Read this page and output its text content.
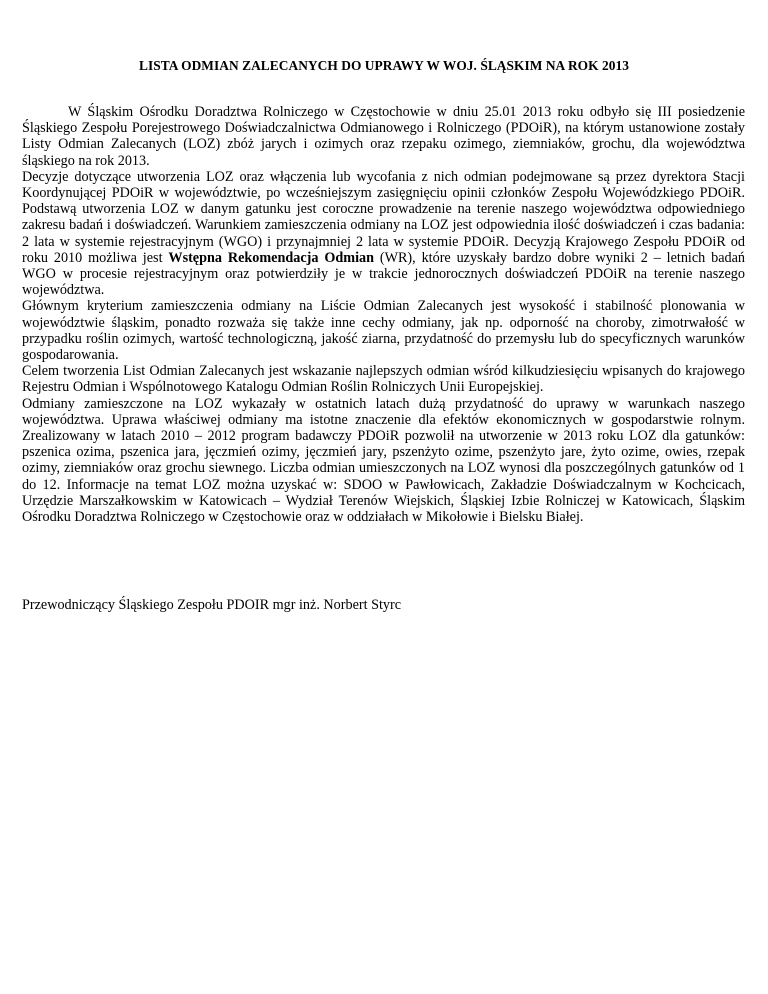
LISTA ODMIAN ZALECANYCH DO UPRAWY W WOJ. ŚLĄSKIM NA ROK 2013

W Śląskim Ośrodku Doradztwa Rolniczego w Częstochowie w dniu 25.01 2013 roku odbyło się III posiedzenie Śląskiego Zespołu Porejestrowego Doświadczalnictwa Odmianowego i Rolniczego (PDOiR), na którym ustanowione zostały Listy Odmian Zalecanych (LOZ) zbóż jarych i ozimych oraz rzepaku ozimego, ziemniaków, grochu, dla województwa śląskiego na rok 2013.

Decyzje dotyczące utworzenia LOZ oraz włączenia lub wycofania z nich odmian podejmowane są przez dyrektora Stacji Koordynującej PDOiR w województwie, po wcześniejszym zasięgnięciu opinii członków Zespołu Wojewódzkiego PDOiR. Podstawą utworzenia LOZ w danym gatunku jest coroczne prowadzenie na terenie naszego województwa odpowiedniego zakresu badań i doświadczeń. Warunkiem zamieszczenia odmiany na LOZ jest odpowiednia ilość doświadczeń i czas badania: 2 lata w systemie rejestracyjnym (WGO) i przynajmniej 2 lata w systemie PDOiR. Decyzją Krajowego Zespołu PDOiR od roku 2010 możliwa jest Wstępna Rekomendacja Odmian (WR), które uzyskały bardzo dobre wyniki 2 – letnich badań WGO w procesie rejestracyjnym oraz potwierdziły je w trakcie jednorocznych doświadczeń PDOiR na terenie naszego województwa.

Głównym kryterium zamieszczenia odmiany na Liście Odmian Zalecanych jest wysokość i stabilność plonowania w województwie śląskim, ponadto rozważa się także inne cechy odmiany, jak np. odporność na choroby, zimotrwałość w przypadku roślin ozimych, wartość technologiczną, jakość ziarna, przydatność do przemysłu lub do specyficznych warunków gospodarowania.

Celem tworzenia List Odmian Zalecanych jest wskazanie najlepszych odmian wśród kilkudziesięciu wpisanych do krajowego Rejestru Odmian i Wspólnotowego Katalogu Odmian Roślin Rolniczych Unii Europejskiej.

Odmiany zamieszczone na LOZ wykazały w ostatnich latach dużą przydatność do uprawy w warunkach naszego województwa. Uprawa właściwej odmiany ma istotne znaczenie dla efektów ekonomicznych w gospodarstwie rolnym. Zrealizowany w latach 2010 – 2012 program badawczy PDOiR pozwolił na utworzenie w 2013 roku LOZ dla gatunków: pszenica ozima, pszenica jara, jęczmień ozimy, jęczmień jary, pszenżyto ozime, pszenżyto jare, żyto ozime, owies, rzepak ozimy, ziemniaków oraz grochu siewnego. Liczba odmian umieszczonych na LOZ wynosi dla poszczególnych gatunków od 1 do 12. Informacje na temat LOZ można uzyskać w: SDOO w Pawłowicach, Zakładzie Doświadczalnym w Kochcicach, Urzędzie Marszałkowskim w Katowicach – Wydział Terenów Wiejskich, Śląskiej Izbie Rolniczej w Katowicach, Śląskim Ośrodku Doradztwa Rolniczego w Częstochowie oraz w oddziałach w Mikołowie i Bielsku Białej.

Przewodniczący Śląskiego Zespołu PDOIR mgr inż. Norbert Styrc
